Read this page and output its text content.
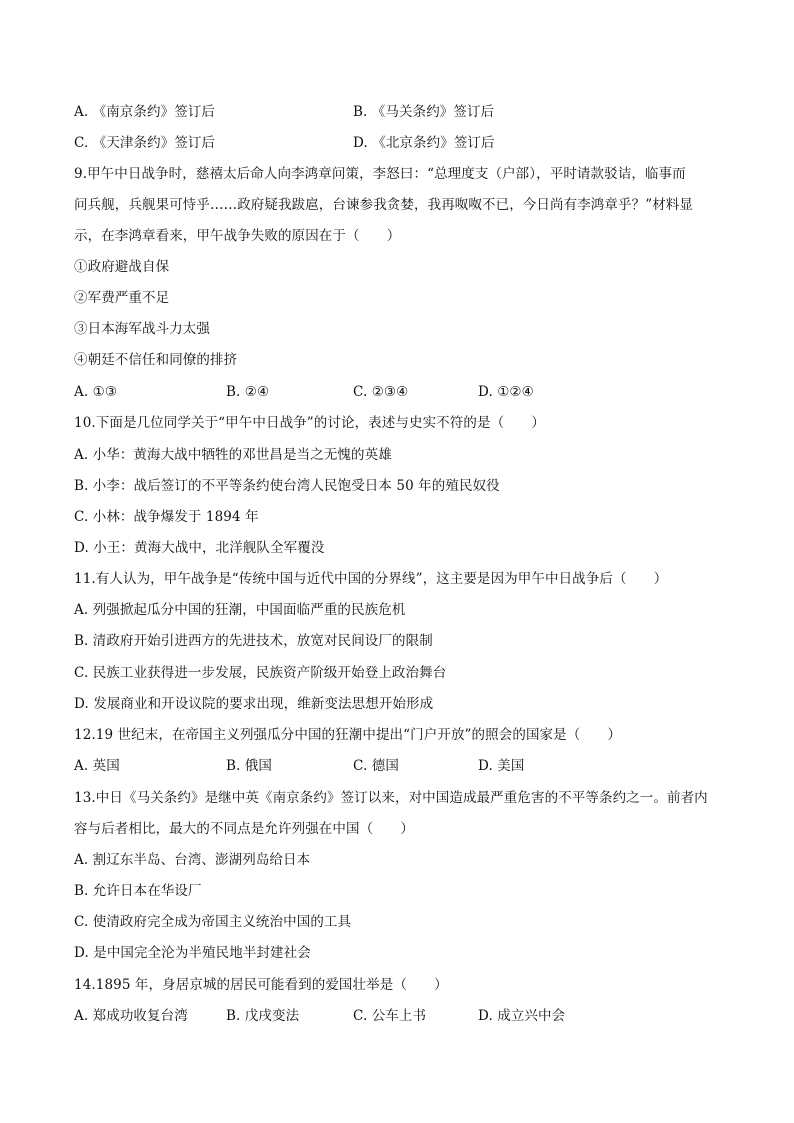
A. 《南京条约》签订后	B. 《马关条约》签订后
C. 《天津条约》签订后	D. 《北京条约》签订后
9.甲午中日战争时，慈禧太后命人向李鸿章问策，李怒曰：“总理度支（户部），平时请款驳诘，临事而
问兵舰，兵舰果可恃乎……政府疑我跋扈，台谏参我贪婪，我再呶呶不已，今日尚有李鸿章乎？”材料显
示，在李鸿章看来，甲午战争失败的原因在于（　　）
①政府避战自保
②军费严重不足
③日本海军战斗力太强
④朝廷不信任和同僚的排挤
A. ①③	B. ②④	C. ②③④	D. ①②④
10.下面是几位同学关于“甲午中日战争”的讨论，表述与史实不符的是（　　）
A. 小华：黄海大战中牺牲的邓世昌是当之无愧的英雄
B. 小李：战后签订的不平等条约使台湾人民饱受日本 50 年的殖民奴役
C. 小林：战争爆发于 1894 年
D. 小王：黄海大战中，北洋舰队全军覆没
11.有人认为，甲午战争是“传统中国与近代中国的分界线”，这主要是因为甲午中日战争后（　　）
A. 列强掀起瓜分中国的狂潮，中国面临严重的民族危机
B. 清政府开始引进西方的先进技术，放宽对民间设厂的限制
C. 民族工业获得进一步发展，民族资产阶级开始登上政治舞台
D. 发展商业和开设议院的要求出现，维新变法思想开始形成
12.19 世纪末，在帝国主义列强瓜分中国的狂潮中提出“门户开放”的照会的国家是（　　）
A. 英国	B. 俄国	C. 德国	D. 美国
13.中日《马关条约》是继中英《南京条约》签订以来，对中国造成最严重危害的不平等条约之一。前者内
容与后者相比，最大的不同点是允许列强在中国（　　）
A. 割辽东半岛、台湾、澎湖列岛给日本
B. 允许日本在华设厂
C. 使清政府完全成为帝国主义统治中国的工具
D. 是中国完全沦为半殖民地半封建社会
14.1895 年，身居京城的居民可能看到的爱国壮举是（　　）
A. 郑成功收复台湾	B. 戊戌变法	C. 公车上书	D. 成立兴中会
